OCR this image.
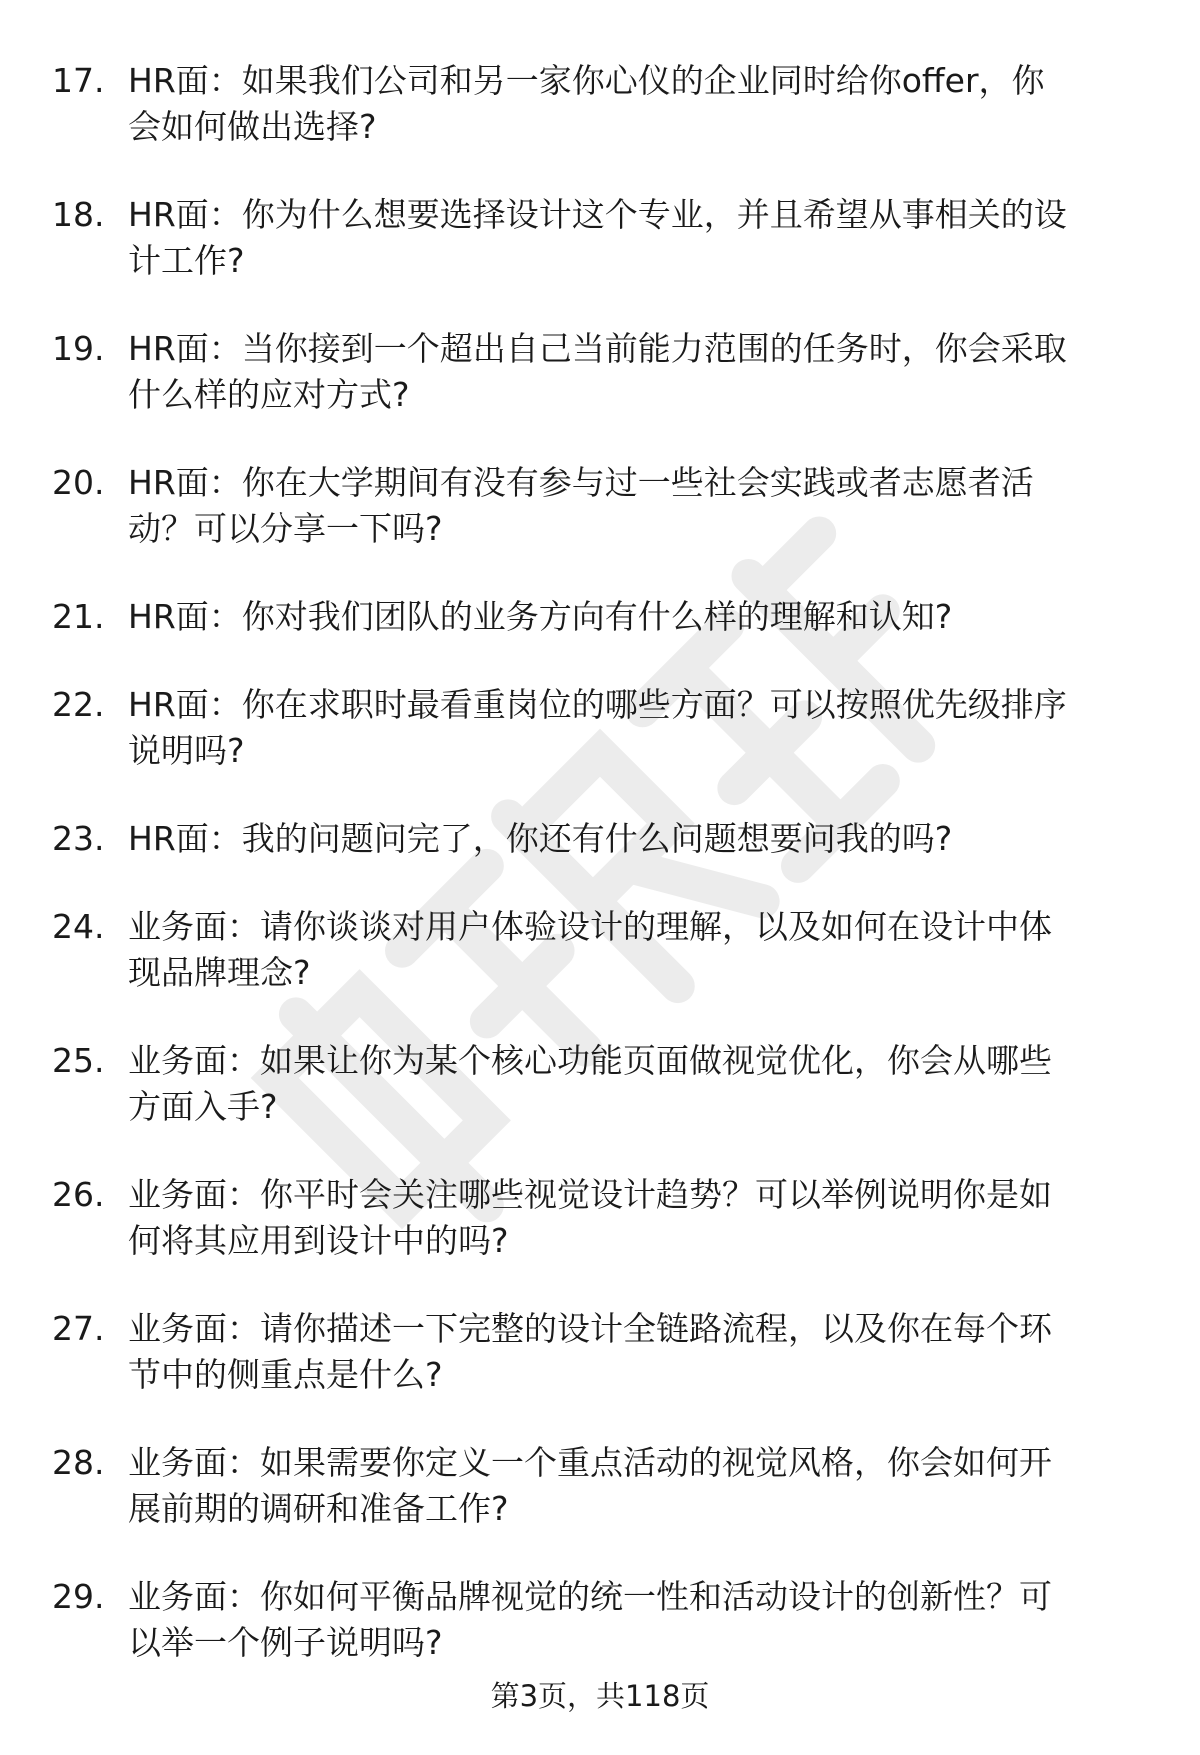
17. HR面：如果我们公司和另一家你心仪的企业同时给你offer，你
会如何做出选择?
18. HR面：你为什么想要选择设计这个专业，并且希望从事相关的设
计工作?
19. HR面：当你接到一个超出自己当前能力范围的任务时，你会采取
什么样的应对方式?
20. HR面：你在大学期间有没有参与过一些社会实践或者志愿者活
动？可以分享一下吗?
21. HR面：你对我们团队的业务方向有什么样的理解和认知?
22. HR面：你在求职时最看重岗位的哪些方面？可以按照优先级排序
说明吗?
23. HR面：我的问题问完了，你还有什么问题想要问我的吗?
24. 业务面：请你谈谈对用户体验设计的理解，以及如何在设计中体
现品牌理念?
25. 业务面：如果让你为某个核心功能页面做视觉优化，你会从哪些
方面入手?
26. 业务面：你平时会关注哪些视觉设计趋势？可以举例说明你是如
何将其应用到设计中的吗?
27. 业务面：请你描述一下完整的设计全链路流程，以及你在每个环
节中的侧重点是什么?
28. 业务面：如果需要你定义一个重点活动的视觉风格，你会如何开
展前期的调研和准备工作?
29. 业务面：你如何平衡品牌视觉的统一性和活动设计的创新性？可
以举一个例子说明吗?
第3页，共118页
